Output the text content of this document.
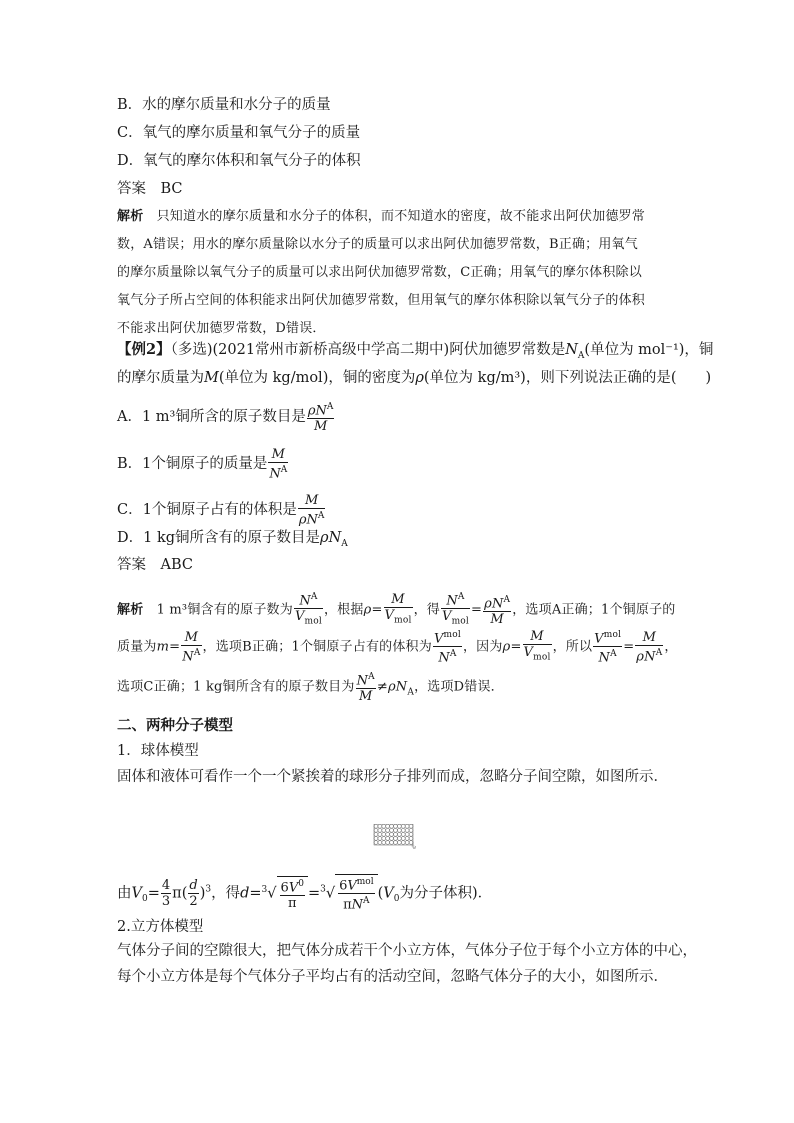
B．水的摩尔质量和水分子的质量
C．氧气的摩尔质量和氧气分子的质量
D．氧气的摩尔体积和氧气分子的体积
答案　BC
解析　只知道水的摩尔质量和水分子的体积，而不知道水的密度，故不能求出阿伏加德罗常
数，A错误；用水的摩尔质量除以水分子的质量可以求出阿伏加德罗常数，B正确；用氧气
的摩尔质量除以氧气分子的质量可以求出阿伏加德罗常数，C正确；用氧气的摩尔体积除以
氧气分子所占空间的体积能求出阿伏加德罗常数，但用氧气的摩尔体积除以氧气分子的体积
不能求出阿伏加德罗常数，D错误．
【例2】（多选)(2021常州市新桥高级中学高二期中)阿伏加德罗常数是$N_A$(单位为 mol⁻¹)，铜
的摩尔质量为M(单位为 kg/mol)，铜的密度为ρ(单位为 kg/m³)，则下列说法正确的是(　　)
A．1 m³铜所含的原子数目是 $\frac{\rho N^A}{M}$
B．1个铜原子的质量是 $\frac{M}{N^A}$
C．1个铜原子占有的体积是 $\frac{M}{\rho N^A}$
D．1 kg铜所含有的原子数目是$\rho N_A$
答案　ABC
解析　1 m³铜含有的原子数为 $\frac{N^A}{V_{mol}}$ ，根据$\rho= \frac{M}{V_{mol}}$ ，得 $\frac{N^A}{V_{mol}} = \frac{\rho N^A}{M}$ ，选项A正确；1个铜原子的
质量为$m= \frac{M}{N^A}$ ，选项B正确；1个铜原子占有的体积为 $\frac{V^{mol}}{N^A}$ ，因为$\rho= \frac{M}{V_{mol}}$ ，所以 $\frac{V^{mol}}{N^A} = \frac{M}{\rho N^A}$ ，
选项C正确；1 kg铜所含有的原子数目为 $\frac{N^A}{M} \ne\rho N_A$，选项D错误．
二、两种分子模型
1．球体模型
固体和液体可看作一个一个紧挨着的球形分子排列而成，忽略分子间空隙，如图所示．
d
由$V_0= \frac{4}{3} \pi( \frac{d}{2} )^3$，得$d=^3√ \frac{6V^0}{\pi} =^3√ \frac{6V^{mol}}{\pi N^A} (V_0$为分子体积)．
2.立方体模型
气体分子间的空隙很大，把气体分成若干个小立方体，气体分子位于每个小立方体的中心，
每个小立方体是每个气体分子平均占有的活动空间，忽略气体分子的大小，如图所示．
